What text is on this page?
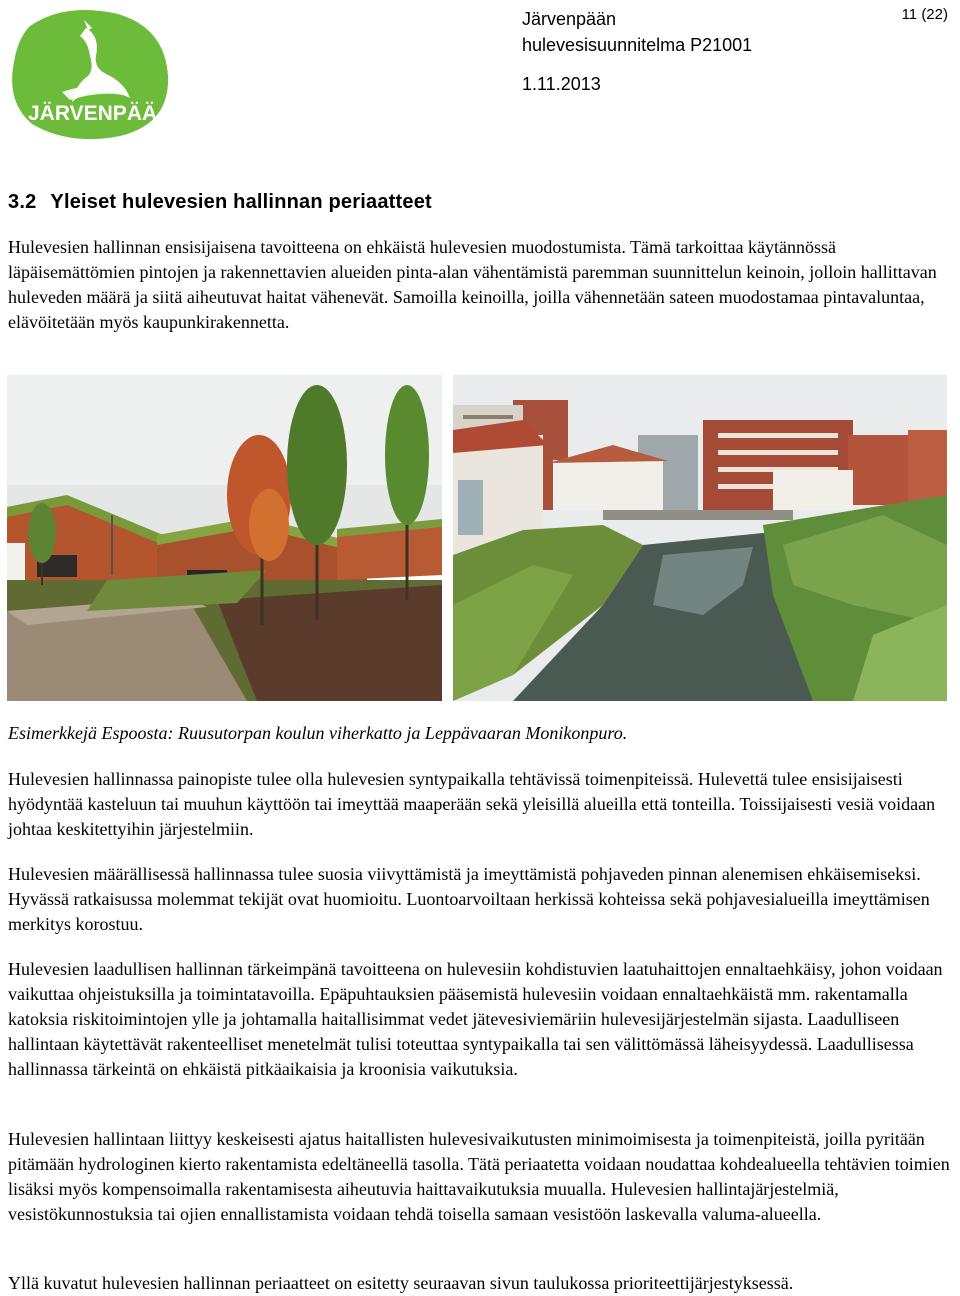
JÄRVENPÄÄ
Järvenpään
hulevesisuunnitelma P21001
1.11.2013
11 (22)
3.2 Yleiset hulevesien hallinnan periaatteet

Hulevesien hallinnan ensisijaisena tavoitteena on ehkäistä hulevesien muodostumista. Tämä tarkoittaa käytännössä läpäisemättömien pintojen ja rakennettavien alueiden pinta-alan vähentämistä paremman suunnittelun keinoin, jolloin hallittavan huleveden määrä ja siitä aiheutuvat haitat vähenevät. Samoilla keinoilla, joilla vähennetään sateen muodostamaa pintavaluntaa, elävöitetään myös kaupunkirakennetta.

Esimerkkejä Espoosta: Ruusutorpan koulun viherkatto ja Leppävaaran Monikonpuro.

Hulevesien hallinnassa painopiste tulee olla hulevesien syntypaikalla tehtävissä toimenpiteissä. Hulevettä tulee ensisijaisesti hyödyntää kasteluun tai muuhun käyttöön tai imeyttää maaperään sekä yleisillä alueilla että tonteilla. Toissijaisesti vesiä voidaan johtaa keskitettyihin järjestelmiin.

Hulevesien määrällisessä hallinnassa tulee suosia viivyttämistä ja imeyttämistä pohjaveden pinnan alenemisen ehkäisemiseksi. Hyvässä ratkaisussa molemmat tekijät ovat huomioitu. Luontoarvoiltaan herkissä kohteissa sekä pohjavesialueilla imeyttämisen merkitys korostuu.

Hulevesien laadullisen hallinnan tärkeimpänä tavoitteena on hulevesiin kohdistuvien laatuhaittojen ennaltaehkäisy, johon voidaan vaikuttaa ohjeistuksilla ja toimintatavoilla. Epäpuhtauksien pääsemistä hulevesiin voidaan ennaltaehkäistä mm. rakentamalla katoksia riskitoimintojen ylle ja johtamalla haitallisimmat vedet jätevesiviemäriin hulevesijärjestelmän sijasta. Laadulliseen hallintaan käytettävät rakenteelliset menetelmät tulisi toteuttaa syntypaikalla tai sen välittömässä läheisyydessä. Laadullisessa hallinnassa tärkeintä on ehkäistä pitkäaikaisia ja kroonisia vaikutuksia.

Hulevesien hallintaan liittyy keskeisesti ajatus haitallisten hulevesivaikutusten minimoimisesta ja toimenpiteistä, joilla pyritään pitämään hydrologinen kierto rakentamista edeltäneellä tasolla. Tätä periaatetta voidaan noudattaa kohdealueella tehtävien toimien lisäksi myös kompensoimalla rakentamisesta aiheutuvia haittavaikutuksia muualla. Hulevesien hallintajärjestelmiä, vesistökunnostuksia tai ojien ennallistamista voidaan tehdä toisella samaan vesistöön laskevalla valuma-alueella.

Yllä kuvatut hulevesien hallinnan periaatteet on esitetty seuraavan sivun taulukossa prioriteettijärjestyksessä.
